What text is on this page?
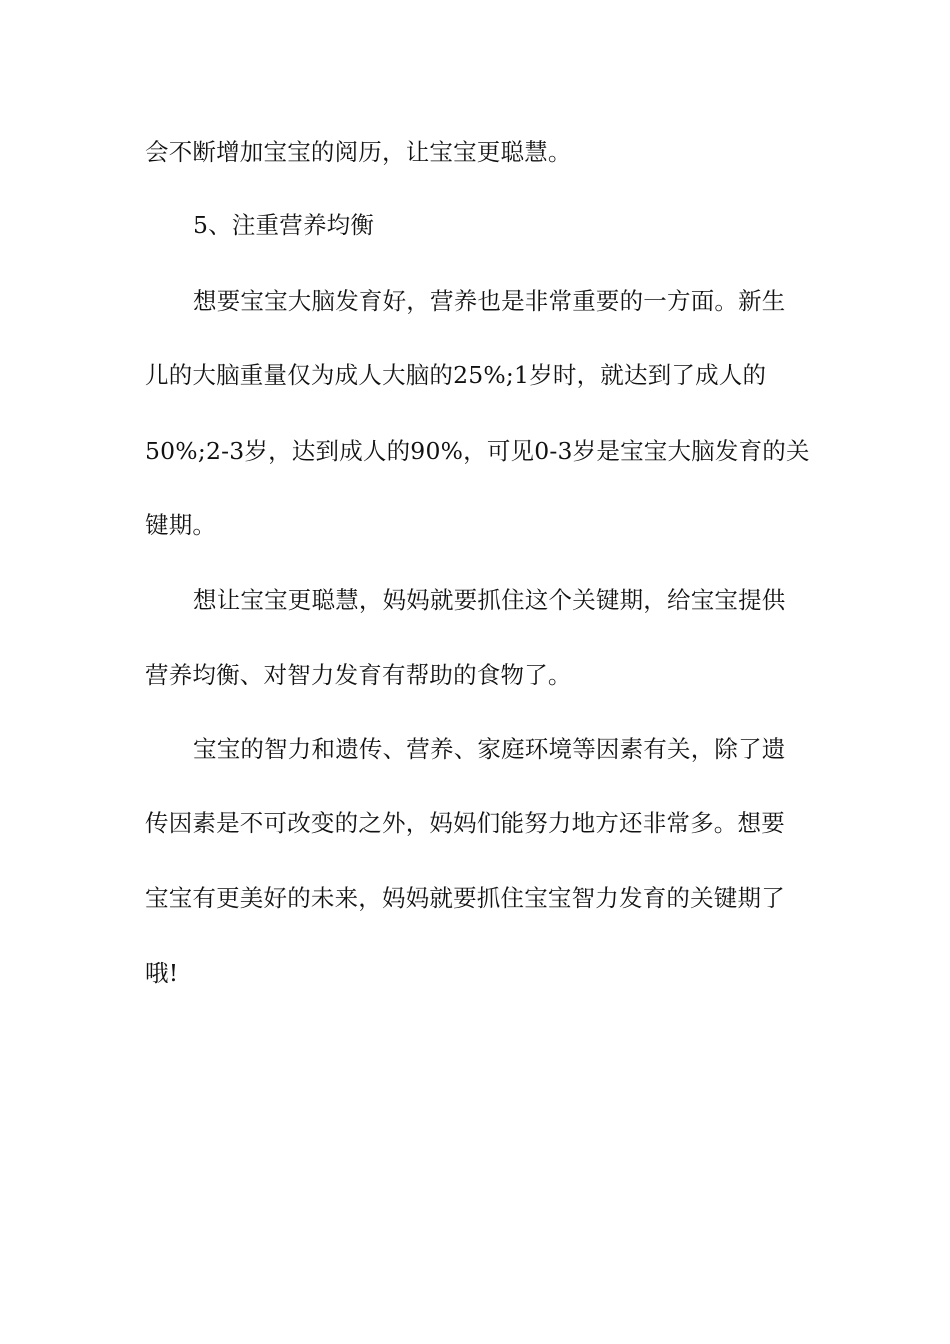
会不断增加宝宝的阅历，让宝宝更聪慧。
5、注重营养均衡
想要宝宝大脑发育好，营养也是非常重要的一方面。新生
儿的大脑重量仅为成人大脑的25%;1岁时，就达到了成人的
50%;2-3岁，达到成人的90%，可见0-3岁是宝宝大脑发育的关
键期。
想让宝宝更聪慧，妈妈就要抓住这个关键期，给宝宝提供
营养均衡、对智力发育有帮助的食物了。
宝宝的智力和遗传、营养、家庭环境等因素有关，除了遗
传因素是不可改变的之外，妈妈们能努力地方还非常多。想要
宝宝有更美好的未来，妈妈就要抓住宝宝智力发育的关键期了
哦!
